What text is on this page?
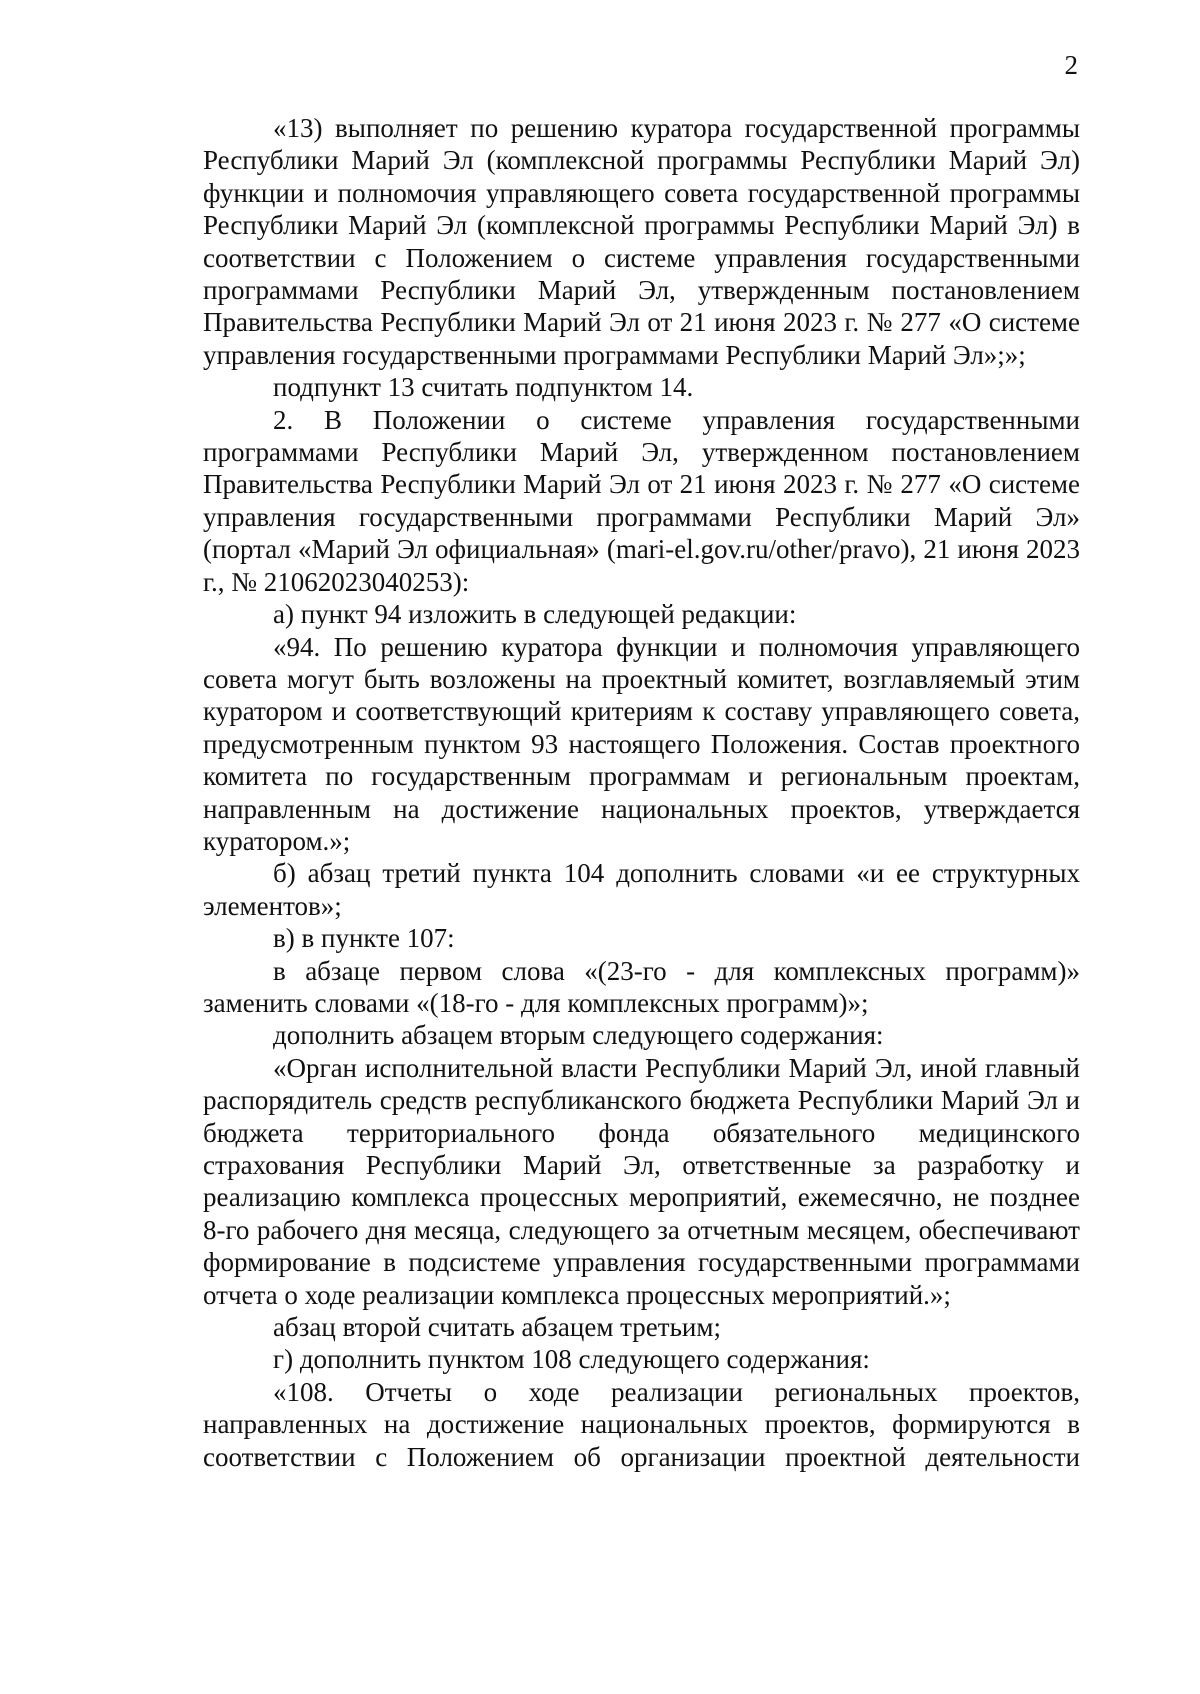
2

«13) выполняет по решению куратора государственной программы Республики Марий Эл (комплексной программы Республики Марий Эл) функции и полномочия управляющего совета государственной программы Республики Марий Эл (комплексной программы Республики Марий Эл) в соответствии с Положением о системе управления государственными программами Республики Марий Эл, утвержденным постановлением Правительства Республики Марий Эл от 21 июня 2023 г. № 277 «О системе управления государственными программами Республики Марий Эл»;»;

подпункт 13 считать подпунктом 14.

2. В Положении о системе управления государственными программами Республики Марий Эл, утвержденном постановлением Правительства Республики Марий Эл от 21 июня 2023 г. № 277 «О системе управления государственными программами Республики Марий Эл» (портал «Марий Эл официальная» (mari-el.gov.ru/other/pravo), 21 июня 2023 г., № 21062023040253):

а) пункт 94 изложить в следующей редакции:

«94. По решению куратора функции и полномочия управляющего совета могут быть возложены на проектный комитет, возглавляемый этим куратором и соответствующий критериям к составу управляющего совета, предусмотренным пунктом 93 настоящего Положения. Состав проектного комитета по государственным программам и региональным проектам, направленным на достижение национальных проектов, утверждается куратором.»;

б) абзац третий пункта 104 дополнить словами «и ее структурных элементов»;

в) в пункте 107:

в абзаце первом слова «(23-го - для комплексных программ)» заменить словами «(18-го - для комплексных программ)»;

дополнить абзацем вторым следующего содержания:

«Орган исполнительной власти Республики Марий Эл, иной главный распорядитель средств республиканского бюджета Республики Марий Эл и бюджета территориального фонда обязательного медицинского страхования Республики Марий Эл, ответственные за разработку и реализацию комплекса процессных мероприятий, ежемесячно, не позднее 8-го рабочего дня месяца, следующего за отчетным месяцем, обеспечивают формирование в подсистеме управления государственными программами отчета о ходе реализации комплекса процессных мероприятий.»;

абзац второй считать абзацем третьим;

г) дополнить пунктом 108 следующего содержания:

«108. Отчеты о ходе реализации региональных проектов, направленных на достижение национальных проектов, формируются в соответствии с Положением об организации проектной деятельности
